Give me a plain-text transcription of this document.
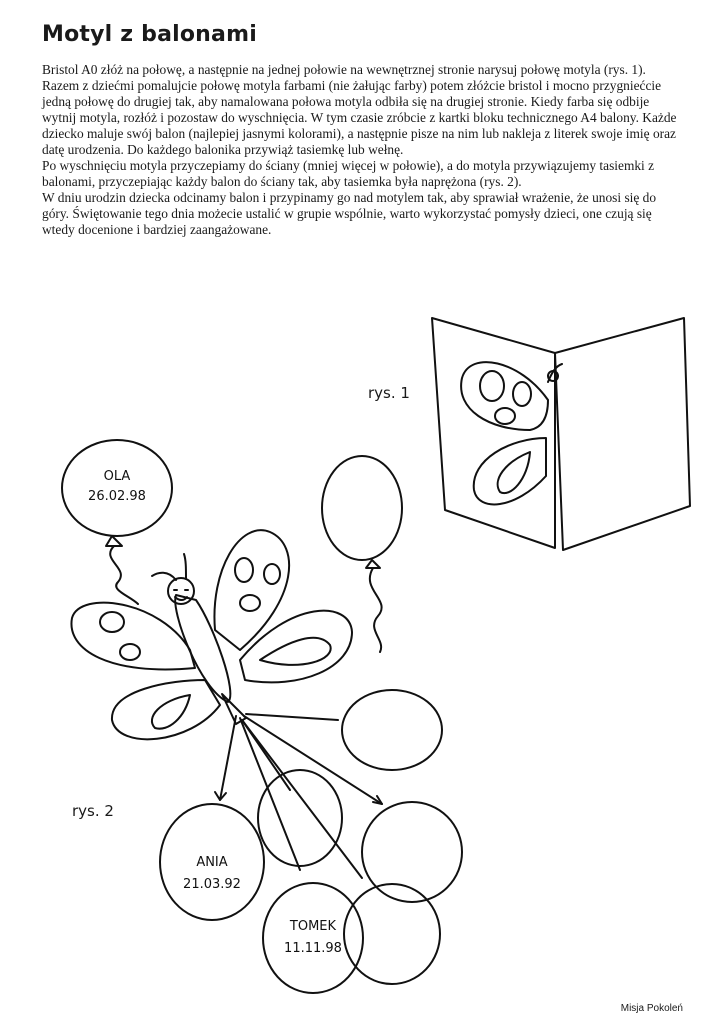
Motyl z balonami

Bristol A0 złóż na połowę, a następnie na jednej połowie na wewnętrznej stronie narysuj połowę motyla (rys. 1). Razem z dziećmi pomalujcie połowę motyla farbami (nie żałując farby) potem złóżcie bristol i mocno przygniećcie jedną połowę do drugiej tak, aby namalowana połowa motyla odbiła się na drugiej stronie. Kiedy farba się odbije wytnij motyla, rozłóż i pozostaw do wyschnięcia. W tym czasie zróbcie z kartki bloku technicznego A4 balony. Każde dziecko maluje swój balon (najlepiej jasnymi kolorami), a następnie pisze na nim lub nakleja z literek swoje imię oraz datę urodzenia. Do każdego balonika przywiąż tasiemkę lub wełnę.

Po wyschnięciu motyla przyczepiamy do ściany (mniej więcej w połowie), a do motyla przywiązujemy tasiemki z balonami, przyczepiając każdy balon do ściany tak, aby tasiemka była naprężona (rys. 2).

W dniu urodzin dziecka odcinamy balon i przypinamy go nad motylem tak, aby sprawiał wrażenie, że unosi się do góry. Świętowanie tego dnia możecie ustalić w grupie wspólnie, warto wykorzystać pomysły dzieci, one czują się wtedy docenione i bardziej zaangażowane.

OLA
26.02.98
ANIA
21.03.92
TOMEK
11.11.98
rys. 1
rys. 2
Misja Pokoleń
